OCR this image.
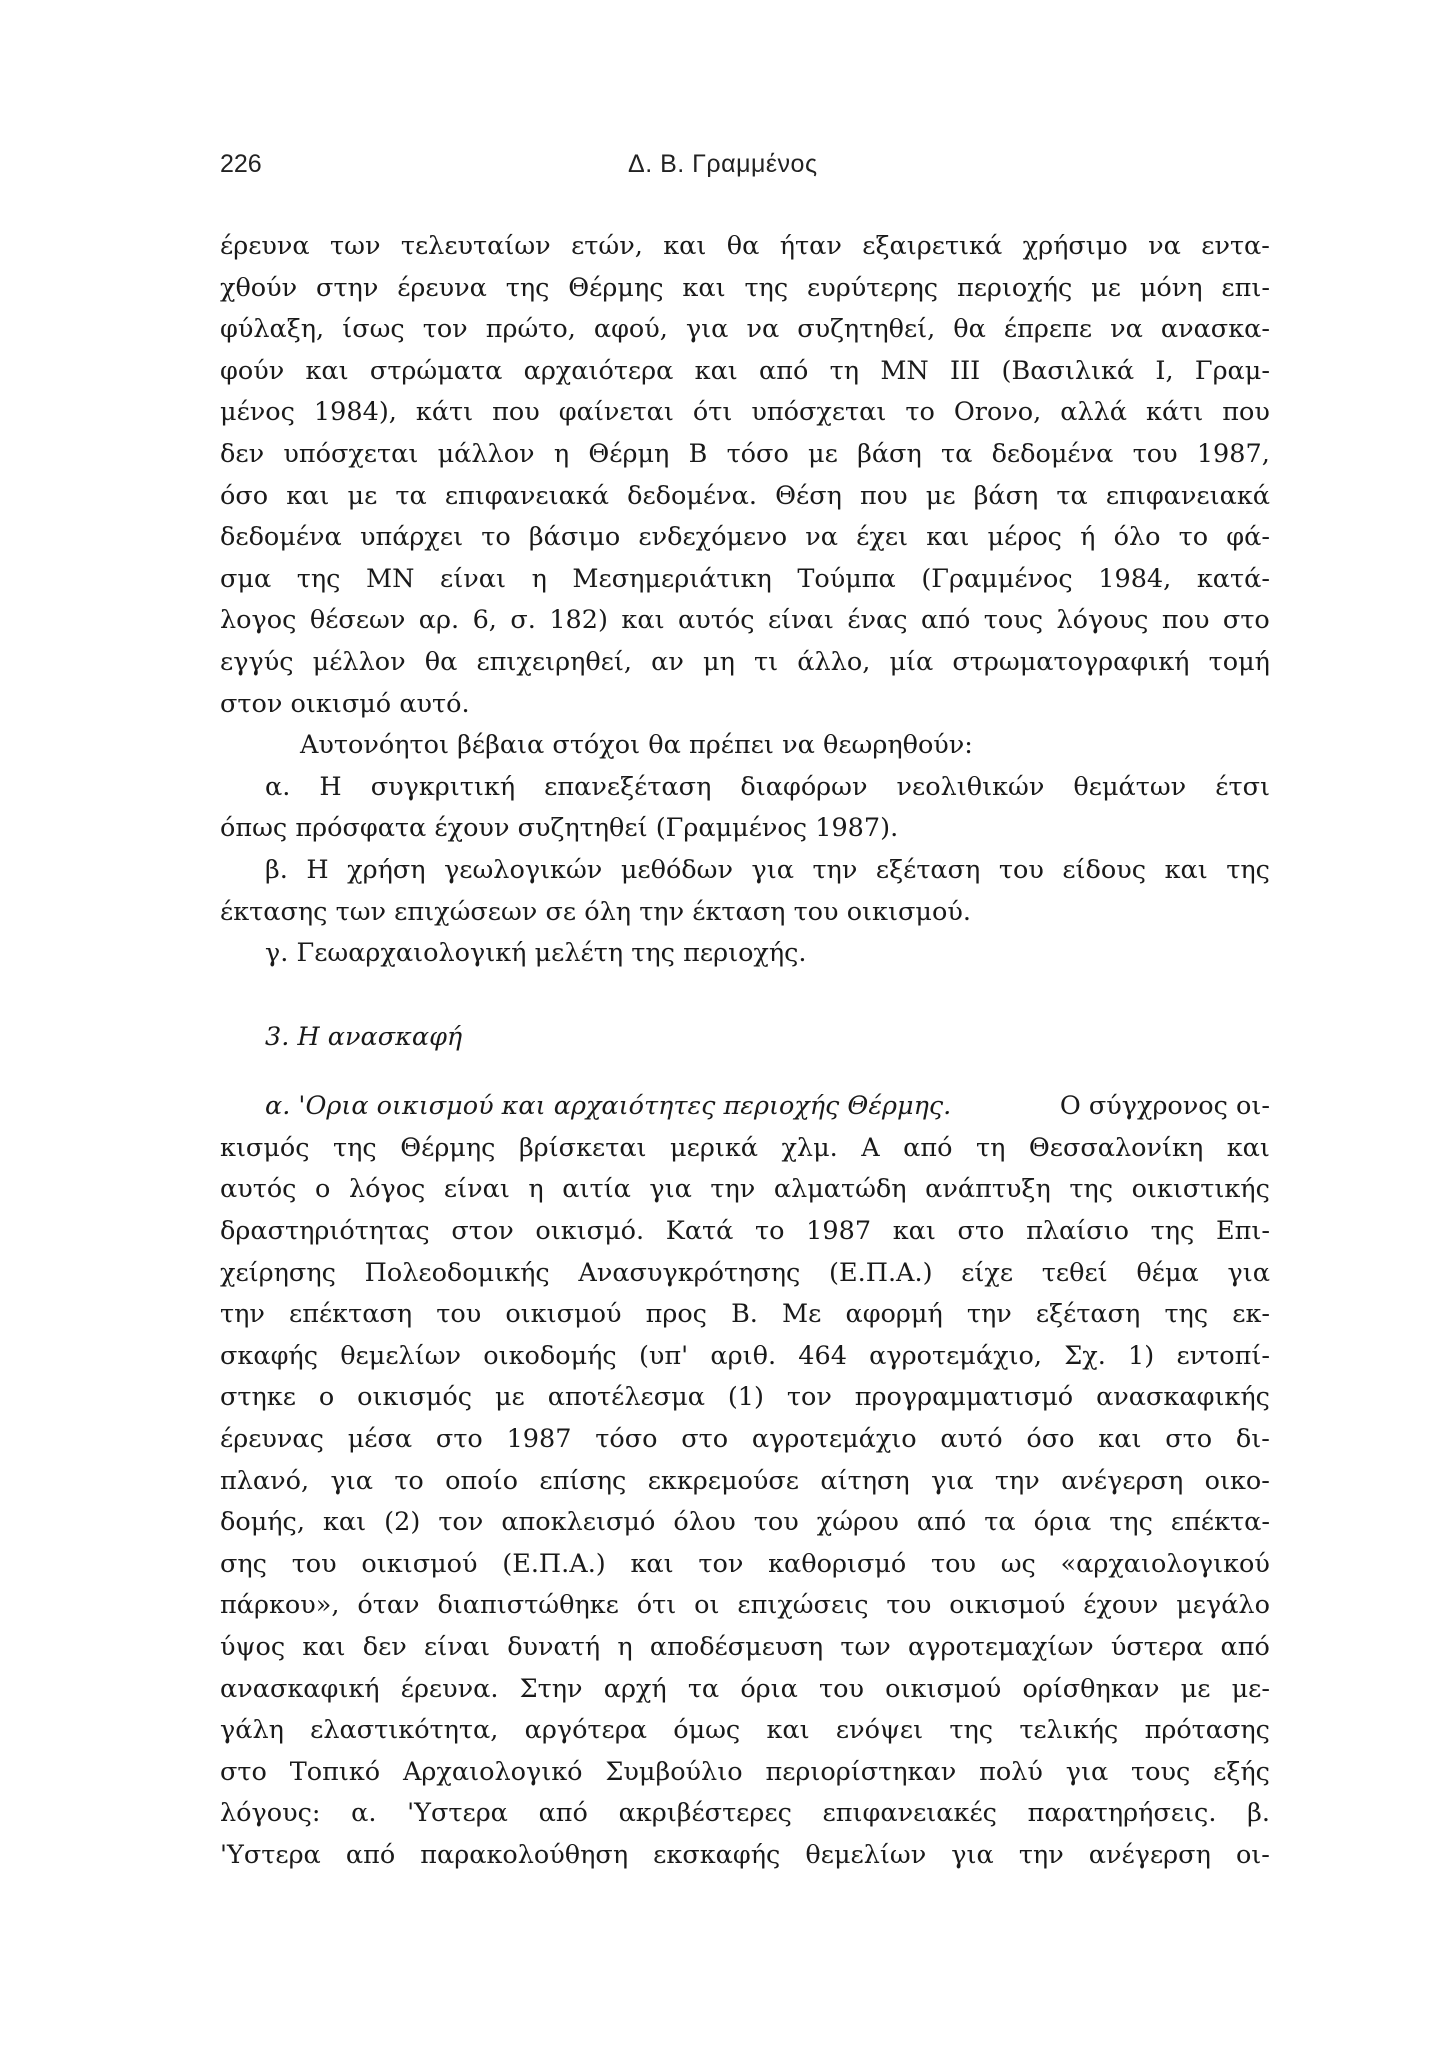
226	Δ. Β. Γραμμένος
έρευνα των τελευταίων ετών, και θα ήταν εξαιρετικά χρήσιμο να εντα-
χθούν στην έρευνα της Θέρμης και της ευρύτερης περιοχής με μόνη επι-
φύλαξη, ίσως τον πρώτο, αφού, για να συζητηθεί, θα έπρεπε να ανασκα-
φούν και στρώματα αρχαιότερα και από τη ΜΝ ΙΙΙ (Βασιλικά Ι, Γραμ-
μένος 1984), κάτι που φαίνεται ότι υπόσχεται το Orονο, αλλά κάτι που
δεν υπόσχεται μάλλον η Θέρμη Β τόσο με βάση τα δεδομένα του 1987,
όσο και με τα επιφανειακά δεδομένα. Θέση που με βάση τα επιφανειακά
δεδομένα υπάρχει το βάσιμο ενδεχόμενο να έχει και μέρος ή όλο το φά-
σμα της ΜΝ είναι η Μεσημεριάτικη Τούμπα (Γραμμένος 1984, κατά-
λογος θέσεων αρ. 6, σ. 182) και αυτός είναι ένας από τους λόγους που στο
εγγύς μέλλον θα επιχειρηθεί, αν μη τι άλλο, μία στρωματογραφική τομή
στον οικισμό αυτό.
Αυτονόητοι βέβαια στόχοι θα πρέπει να θεωρηθούν:
α. Η συγκριτική επανεξέταση διαφόρων νεολιθικών θεμάτων έτσι
όπως πρόσφατα έχουν συζητηθεί (Γραμμένος 1987).
β. Η χρήση γεωλογικών μεθόδων για την εξέταση του είδους και της
έκτασης των επιχώσεων σε όλη την έκταση του οικισμού.
γ. Γεωαρχαιολογική μελέτη της περιοχής.
3. Η ανασκαφή
α. 'Ορια οικισμού και αρχαιότητες περιοχής Θέρμης.	Ο σύγχρονος οι-
κισμός της Θέρμης βρίσκεται μερικά χλμ. Α από τη Θεσσαλονίκη και
αυτός ο λόγος είναι η αιτία για την αλματώδη ανάπτυξη της οικιστικής
δραστηριότητας στον οικισμό. Κατά το 1987 και στο πλαίσιο της Επι-
χείρησης Πολεοδομικής Ανασυγκρότησης (Ε.Π.Α.) είχε τεθεί θέμα για
την επέκταση του οικισμού προς Β. Με αφορμή την εξέταση της εκ-
σκαφής θεμελίων οικοδομής (υπ' αριθ. 464 αγροτεμάχιο, Σχ. 1) εντοπί-
στηκε ο οικισμός με αποτέλεσμα (1) τον προγραμματισμό ανασκαφικής
έρευνας μέσα στο 1987 τόσο στο αγροτεμάχιο αυτό όσο και στο δι-
πλανό, για το οποίο επίσης εκκρεμούσε αίτηση για την ανέγερση οικο-
δομής, και (2) τον αποκλεισμό όλου του χώρου από τα όρια της επέκτα-
σης του οικισμού (Ε.Π.Α.) και τον καθορισμό του ως «αρχαιολογικού
πάρκου», όταν διαπιστώθηκε ότι οι επιχώσεις του οικισμού έχουν μεγάλο
ύψος και δεν είναι δυνατή η αποδέσμευση των αγροτεμαχίων ύστερα από
ανασκαφική έρευνα. Στην αρχή τα όρια του οικισμού ορίσθηκαν με με-
γάλη ελαστικότητα, αργότερα όμως και ενόψει της τελικής πρότασης
στο Τοπικό Αρχαιολογικό Συμβούλιο περιορίστηκαν πολύ για τους εξής
λόγους: α. 'Υστερα από ακριβέστερες επιφανειακές παρατηρήσεις. β.
'Υστερα από παρακολούθηση εκσκαφής θεμελίων για την ανέγερση οι-
